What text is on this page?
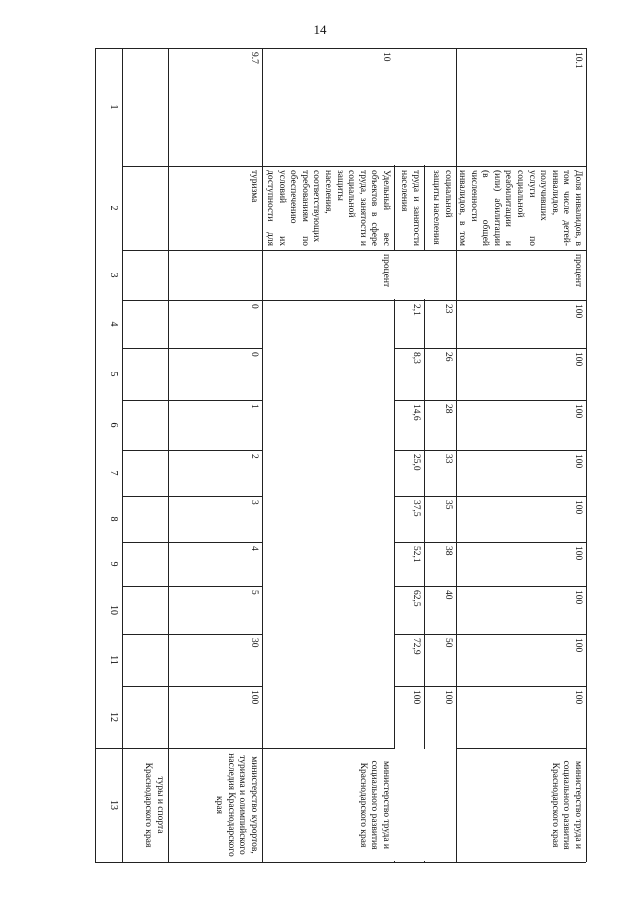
14
1
2
3
4
5
6
7
8
9
10
11
12
13	туры и спорта Краснодарского края
9.7
туризма
0
0
1
2
3
4
5
30
100
министерство курортов, туризма и олимпийского наследия Краснодарского края
10
Удельный вес объектов в сфере труда, занятости и социальной защиты населения, соответствующих требованиям по обеспечению условий их доступности для
процент
министерство труда и социального развития Краснодарского края
труда и занятости населения
2,1
8,3
14,6
25,0
37,5
52,1
62,5
72,9
100
социальной защиты населения
23
26
28
33
35
38
40
50
100
10.1
Доля инвалидов, в том числе детей-инвалидов, получивших услуги по социальной реабилитации и (или) абилитации (в общей численности инвалидов, в том
процент
100
100
100
100
100
100
100
100
100
министерство труда и социального развития Краснодарского края
